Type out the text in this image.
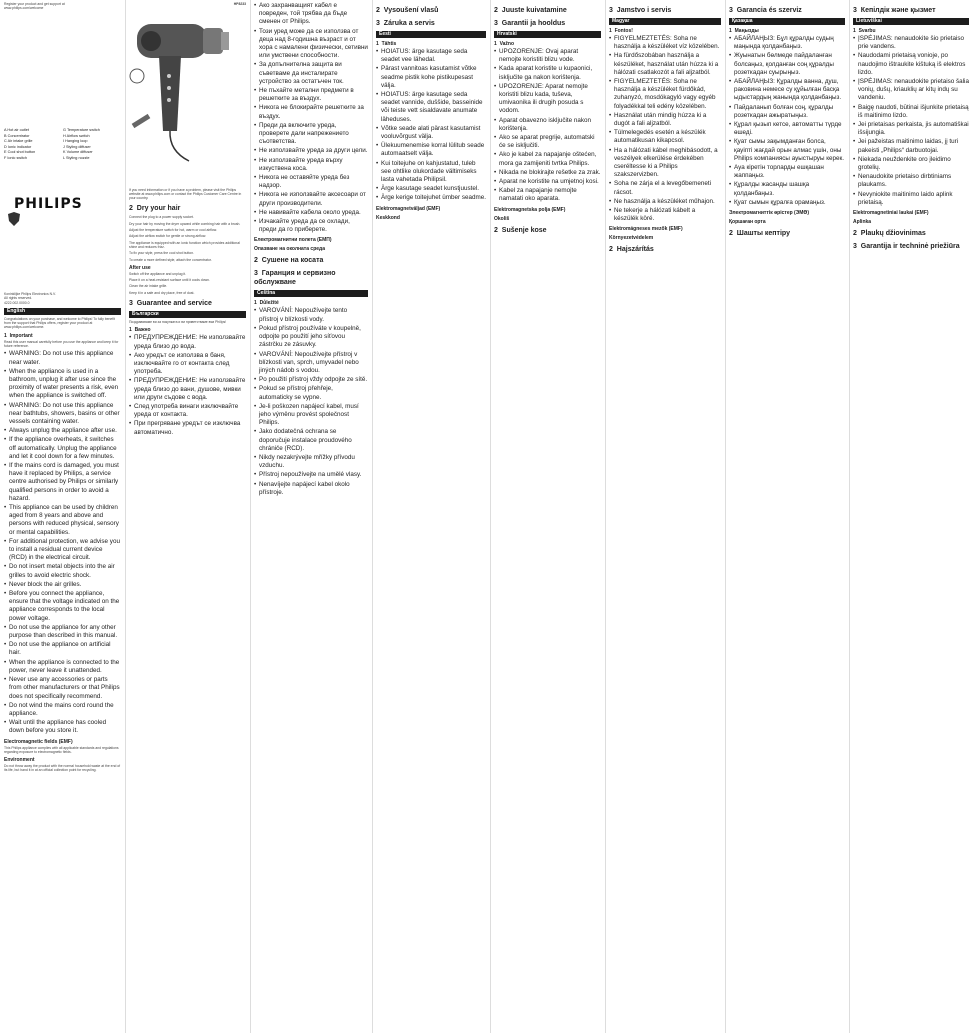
Register your product and get support at
www.philips.com/welcome
PHILIPS
A Hot air outlet	G Temperature switch
B Concentrator	H Airflow switch
C Air intake grille	I Hanging loop
D Ionic indicator	J Styling diffuser
E Cool shot button	K Volume diffuser
F Ionic switch	L Styling nozzle
Koninklijke Philips Electronics N.V.
All rights reserved.
4222.002.0000.0
English
Congratulations on your purchase, and welcome to Philips! To fully benefit from the support that Philips offers, register your product at www.philips.com/welcome.
1  Important
Read this user manual carefully before you use the appliance and keep it for future reference.
• WARNING: Do not use this appliance near water.
• When the appliance is used in a bathroom, unplug it after use since the proximity of water presents a risk, even when the appliance is switched off.
• WARNING: Do not use this appliance near bathtubs, showers, basins or other vessels containing water.
• Always unplug the appliance after use.
• If the appliance overheats, it switches off automatically. Unplug the appliance and let it cool down for a few minutes.
• If the mains cord is damaged, you must have it replaced by Philips, a service centre authorised by Philips or similarly qualified persons in order to avoid a hazard.
• This appliance can be used by children aged from 8 years and above and persons with reduced physical, sensory or mental capabilities.
• For additional protection, we advise you to install a residual current device (RCD) in the electrical circuit.
• Do not insert metal objects into the air grilles to avoid electric shock.
• Never block the air grilles.
• Before you connect the appliance, ensure that the voltage indicated on the appliance corresponds to the local power voltage.
• Do not use the appliance for any other purpose than described in this manual.
• Do not use the appliance on artificial hair.
• When the appliance is connected to the power, never leave it unattended.
• Never use any accessories or parts from other manufacturers or that Philips does not specifically recommend.
• Do not wind the mains cord round the appliance.
• Wait until the appliance has cooled down before you store it.
Electromagnetic fields (EMF)
This Philips appliance complies with all applicable standards and regulations regarding exposure to electromagnetic fields.
Environment
Do not throw away the product with the normal household waste at the end of its life, but hand it in at an official collection point for recycling.
HP8233
If you need information or if you have a problem, please visit the Philips website at www.philips.com or contact the Philips Customer Care Centre in your country.
2  Dry your hair
Connect the plug to a power supply socket.
Dry your hair by moving the dryer upward while combing hair with a brush.
Adjust the temperature switch for hot, warm or cool airflow.
Adjust the airflow switch for gentle or strong airflow.
The appliance is equipped with an ionic function which provides additional shine and reduces frizz.
To fix your style, press the cool shot button.
To create a more defined style, attach the concentrator.
After use
Switch off the appliance and unplug it.
Place it on a heat-resistant surface until it cools down.
Clean the air intake grille.
Keep it in a safe and dry place, free of dust.
3  Guarantee and service
Български
Поздравяваме ви за покупката и ви приветстваме във Philips!
1  Важно
• ПРЕДУПРЕЖДЕНИЕ: Не използвайте уреда близо до вода.
• Ако уредът се използва в баня, изключвайте го от контакта след употреба.
• ПРЕДУПРЕЖДЕНИЕ: Не използвайте уреда близо до вани, душове, мивки или други съдове с вода.
• След употреба винаги изключвайте уреда от контакта.
• При прегряване уредът се изключва автоматично.
• Ако захранващият кабел е повреден, той трябва да бъде сменен от Philips.
• Този уред може да се използва от деца над 8-годишна възраст и от хора с намалени физически, сетивни или умствени способности.
• За допълнителна защита ви съветваме да инсталирате устройство за остатъчен ток.
• Не пъхайте метални предмети в решетките за въздух.
• Никога не блокирайте решетките за въздух.
• Преди да включите уреда, проверете дали напрежението съответства.
• Не използвайте уреда за други цели.
• Не използвайте уреда върху изкуствена коса.
• Никога не оставяйте уреда без надзор.
• Никога не използвайте аксесоари от други производители.
• Не навивайте кабела около уреда.
• Изчакайте уреда да се охлади, преди да го приберете.
Електромагнитни полета (ЕМП)
Опазване на околната среда
2  Сушене на косата
3  Гаранция и сервизно обслужване
Čeština
1  Důležité
• VAROVÁNÍ: Nepoužívejte tento přístroj v blízkosti vody.
• Pokud přístroj používáte v koupelně, odpojte po použití jeho síťovou zástrčku ze zásuvky.
• VAROVÁNÍ: Nepoužívejte přístroj v blízkosti van, sprch, umyvadel nebo jiných nádob s vodou.
• Po použití přístroj vždy odpojte ze sítě.
• Pokud se přístroj přehřeje, automaticky se vypne.
• Je-li poškozen napájecí kabel, musí jeho výměnu provést společnost Philips.
• Jako dodatečná ochrana se doporučuje instalace proudového chrániče (RCD).
• Nikdy nezakrývejte mřížky přívodu vzduchu.
• Přístroj nepoužívejte na umělé vlasy.
• Nenavíjejte napájecí kabel okolo přístroje.
2  Vysoušení vlasů
3  Záruka a servis
Eesti
1  Tähtis
• HOIATUS: ärge kasutage seda seadet vee lähedal.
• Pärast vannitoas kasutamist võtke seadme pistik kohe pistikupesast välja.
• HOIATUS: ärge kasutage seda seadet vannide, duššide, basseinide või teiste vett sisaldavate anumate läheduses.
• Võtke seade alati pärast kasutamist vooluvõrgust välja.
• Ülekuumenemise korral lülitub seade automaatselt välja.
• Kui toitejuhe on kahjustatud, tuleb see ohtlike olukordade vältimiseks lasta vahetada Philipsil.
• Ärge kasutage seadet kunstjuustel.
• Ärge kerige toitejuhet ümber seadme.
Elektromagnetväljad (EMF)
Keskkond
2  Juuste kuivatamine
3  Garantii ja hooldus
Hrvatski
1  Važno
• UPOZORENJE: Ovaj aparat nemojte koristiti blizu vode.
• Kada aparat koristite u kupaonici, isključite ga nakon korištenja.
• UPOZORENJE: Aparat nemojte koristiti blizu kada, tuševa, umivaonika ili drugih posuda s vodom.
• Aparat obavezno isključite nakon korištenja.
• Ako se aparat pregrije, automatski će se isključiti.
• Ako je kabel za napajanje oštećen, mora ga zamijeniti tvrtka Philips.
• Nikada ne blokirajte rešetke za zrak.
• Aparat ne koristite na umjetnoj kosi.
• Kabel za napajanje nemojte namatati oko aparata.
Elektromagnetska polja (EMF)
Okoliš
2  Sušenje kose
3  Jamstvo i servis
Magyar
1  Fontos!
• FIGYELMEZTETÉS: Soha ne használja a készüléket víz közelében.
• Ha fürdőszobában használja a készüléket, használat után húzza ki a hálózati csatlakozót a fali aljzatból.
• FIGYELMEZTETÉS: Soha ne használja a készüléket fürdőkád, zuhanyzó, mosdókagyló vagy egyéb folyadékkal teli edény közelében.
• Használat után mindig húzza ki a dugót a fali aljzatból.
• Túlmelegedés esetén a készülék automatikusan kikapcsol.
• Ha a hálózati kábel meghibásodott, a veszélyek elkerülése érdekében cseréltesse ki a Philips szakszervizben.
• Soha ne zárja el a levegőbemeneti rácsot.
• Ne használja a készüléket műhajon.
• Ne tekerje a hálózati kábelt a készülék köré.
Elektromágneses mezők (EMF)
Környezetvédelem
2  Hajszárítás
3  Garancia és szerviz
Қазақша
1  Маңызды
• АБАЙЛАҢЫЗ: Бұл құралды судың маңында қолданбаңыз.
• Жуынатын бөлмеде пайдаланған болсаңыз, қолданған соң құралды розеткадан суырыңыз.
• АБАЙЛАҢЫЗ: Құралды ванна, душ, раковина немесе су құйылған басқа ыдыстардың жанында қолданбаңыз.
• Пайдаланып болған соң, құралды розеткадан ажыратыңыз.
• Құрал қызып кетсе, автоматты түрде өшеді.
• Қуат сымы зақымданған болса, қауіпті жағдай орын алмас үшін, оны Philips компаниясы ауыстыруы керек.
• Ауа кіретін торларды ешқашан жаппаңыз.
• Құралды жасанды шашқа қолданбаңыз.
• Қуат сымын құралға орамаңыз.
Электромагниттік өрістер (ЭМӨ)
Қоршаған орта
2  Шашты кептіру
3  Кепілдік және қызмет
Lietuviškai
1  Svarbu
• ĮSPĖJIMAS: nenaudokite šio prietaiso prie vandens.
• Naudodami prietaisą vonioje, po naudojimo ištraukite kištuką iš elektros lizdo.
• ĮSPĖJIMAS: nenaudokite prietaiso šalia vonių, dušų, kriauklių ar kitų indų su vandeniu.
• Baigę naudoti, būtinai išjunkite prietaisą iš maitinimo lizdo.
• Jei prietaisas perkaista, jis automatiškai išsijungia.
• Jei pažeistas maitinimo laidas, jį turi pakeisti „Philips“ darbuotojai.
• Niekada neuždenkite oro įleidimo grotelių.
• Nenaudokite prietaiso dirbtiniams plaukams.
• Nevyniokite maitinimo laido aplink prietaisą.
Elektromagnetiniai laukai (EMF)
Aplinka
2  Plaukų džiovinimas
3  Garantija ir techninė priežiūra
